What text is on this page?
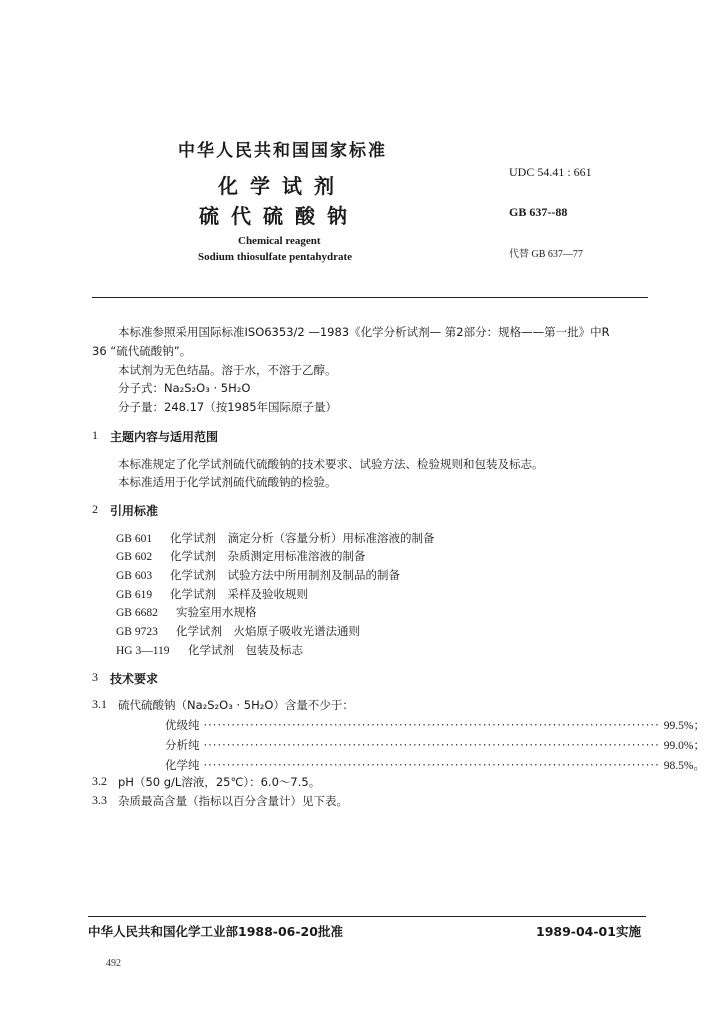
中华人民共和国国家标准
化学试剂
硫代硫酸钠
Chemical reagent
Sodium thiosulfate pentahydrate
UDC 54.41 : 661
GB 637--88
代替 GB 637—77
本标准参照采用国际标准ISO6353/2 —1983《化学分析试剂— 第2部分：规格——第一批》中R
36 “硫代硫酸钠”。
本试剂为无色结晶。溶于水，不溶于乙醇。
分子式：Na₂S₂O₃ · 5H₂O
分子量：248.17（按1985年国际原子量）
1 主题内容与适用范围
本标准规定了化学试剂硫代硫酸钠的技术要求、试验方法、检验规则和包装及标志。
本标准适用于化学试剂硫代硫酸钠的检验。
2 引用标准
GB 601 化学试剂　滴定分析（容量分析）用标准溶液的制备
GB 602 化学试剂　杂质测定用标准溶液的制备
GB 603 化学试剂　试验方法中所用制剂及制品的制备
GB 619 化学试剂　采样及验收规则
GB 6682 实验室用水规格
GB 9723 化学试剂　火焰原子吸收光谱法通则
HG 3—119 化学试剂　包装及标志
3 技术要求
3.1 硫代硫酸钠（Na₂S₂O₃ · 5H₂O）含量不少于：
优级纯 ·································································································· 99.5%；
分析纯 ·································································································· 99.0%；
化学纯 ·································································································· 98.5%。
3.2 pH（50 g/L溶液，25℃）：6.0～7.5。
3.3 杂质最高含量（指标以百分含量计）见下表。
中华人民共和国化学工业部1988-06-20批准	1989-04-01实施
492
